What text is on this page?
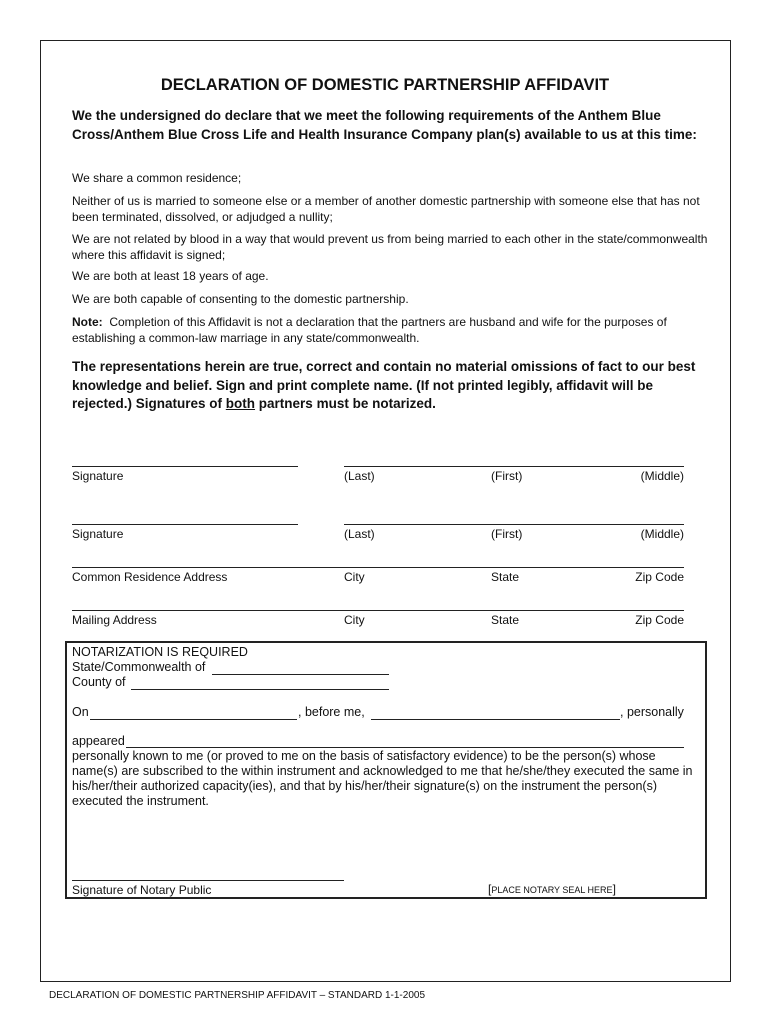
DECLARATION OF DOMESTIC PARTNERSHIP AFFIDAVIT
We the undersigned do declare that we meet the following requirements of the Anthem Blue Cross/Anthem Blue Cross Life and Health Insurance Company plan(s) available to us at this time:
We share a common residence;
Neither of us is married to someone else or a member of another domestic partnership with someone else that has not been terminated, dissolved, or adjudged a nullity;
We are not related by blood in a way that would prevent us from being married to each other in the state/commonwealth where this affidavit is signed;
We are both at least 18 years of age.
We are both capable of consenting to the domestic partnership.
Note: Completion of this Affidavit is not a declaration that the partners are husband and wife for the purposes of establishing a common-law marriage in any state/commonwealth.
The representations herein are true, correct and contain no material omissions of fact to our best knowledge and belief. Sign and print complete name. (If not printed legibly, affidavit will be rejected.) Signatures of both partners must be notarized.
Signature	(Last)	(First)	(Middle)
Signature	(Last)	(First)	(Middle)
Common Residence Address	City	State	Zip Code
Mailing Address	City	State	Zip Code
NOTARIZATION IS REQUIRED
State/Commonwealth of
County of
On	, before me,	, personally
appeared
personally known to me (or proved to me on the basis of satisfactory evidence) to be the person(s) whose name(s) are subscribed to the within instrument and acknowledged to me that he/she/they executed the same in his/her/their authorized capacity(ies), and that by his/her/their signature(s) on the instrument the person(s) executed the instrument.
Signature of Notary Public	[PLACE NOTARY SEAL HERE]
DECLARATION OF DOMESTIC PARTNERSHIP AFFIDAVIT – STANDARD 1-1-2005
